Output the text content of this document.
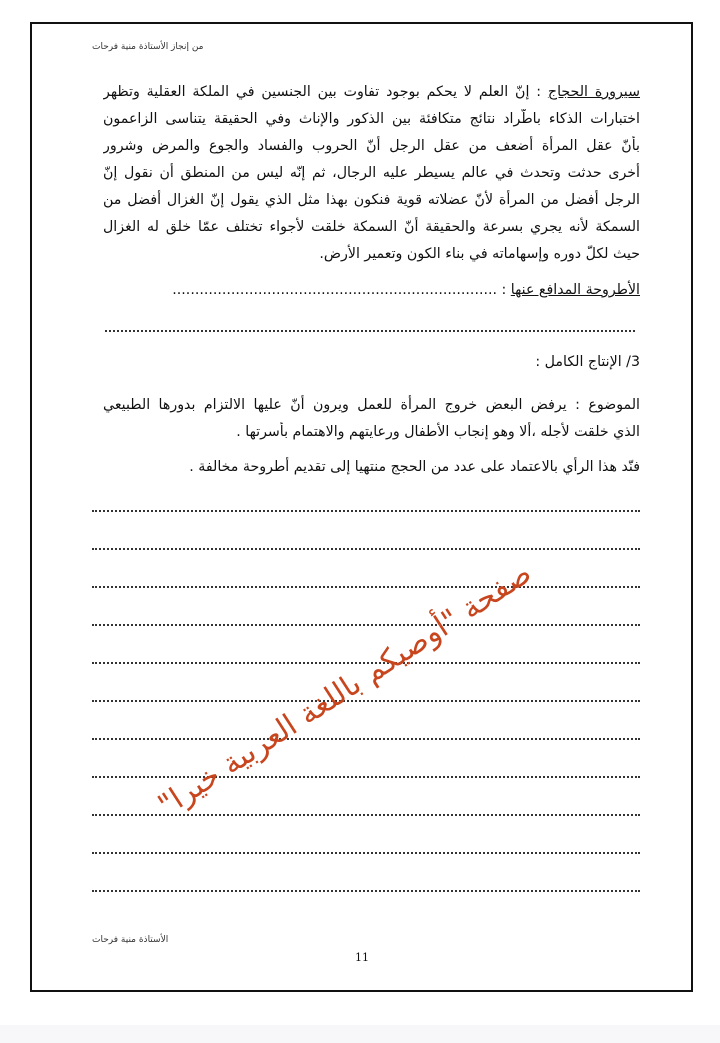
من إنجاز الأستاذة منية فرحات
سيرورة الحجاج : إنّ العلم لا يحكم بوجود تفاوت بين الجنسين في الملكة العقلية وتظهر
اختبارات الذكاء باطّراد نتائج متكافئة بين الذكور والإناث وفي الحقيقة يتناسى الزاعمون
بأنّ عقل المرأة أضعف من عقل الرجل أنّ الحروب والفساد والجوع والمرض وشرور
أخرى حدثت وتحدث في عالم يسيطر عليه الرجال، ثم إنّه ليس من المنطق أن نقول إنّ
الرجل أفضل من المرأة لأنّ عضلاته قوية فنكون بهذا مثل الذي يقول إنّ الغزال أفضل من
السمكة لأنه يجري بسرعة والحقيقة أنّ السمكة خلقت لأجواء تختلف عمّا خلق له الغزال
حيث لكلّ دوره وإسهاماته في بناء الكون وتعمير الأرض.
الأطروحة المدافع عنها : ........................................................................
3/ الإنتاج الكامل :
الموضوع : يرفض البعض خروج المرأة للعمل ويرون أنّ عليها الالتزام بدورها الطبيعي
الذي خلقت لأجله ،ألا وهو إنجاب الأطفال ورعايتهم والاهتمام بأسرتها .
فنّد هذا الرأي بالاعتماد على عدد من الحجج منتهيا إلى تقديم أطروحة مخالفة .
صفحة "أوصيكم باللغة العربية خيرا"
الأستاذة منية فرحات
11
